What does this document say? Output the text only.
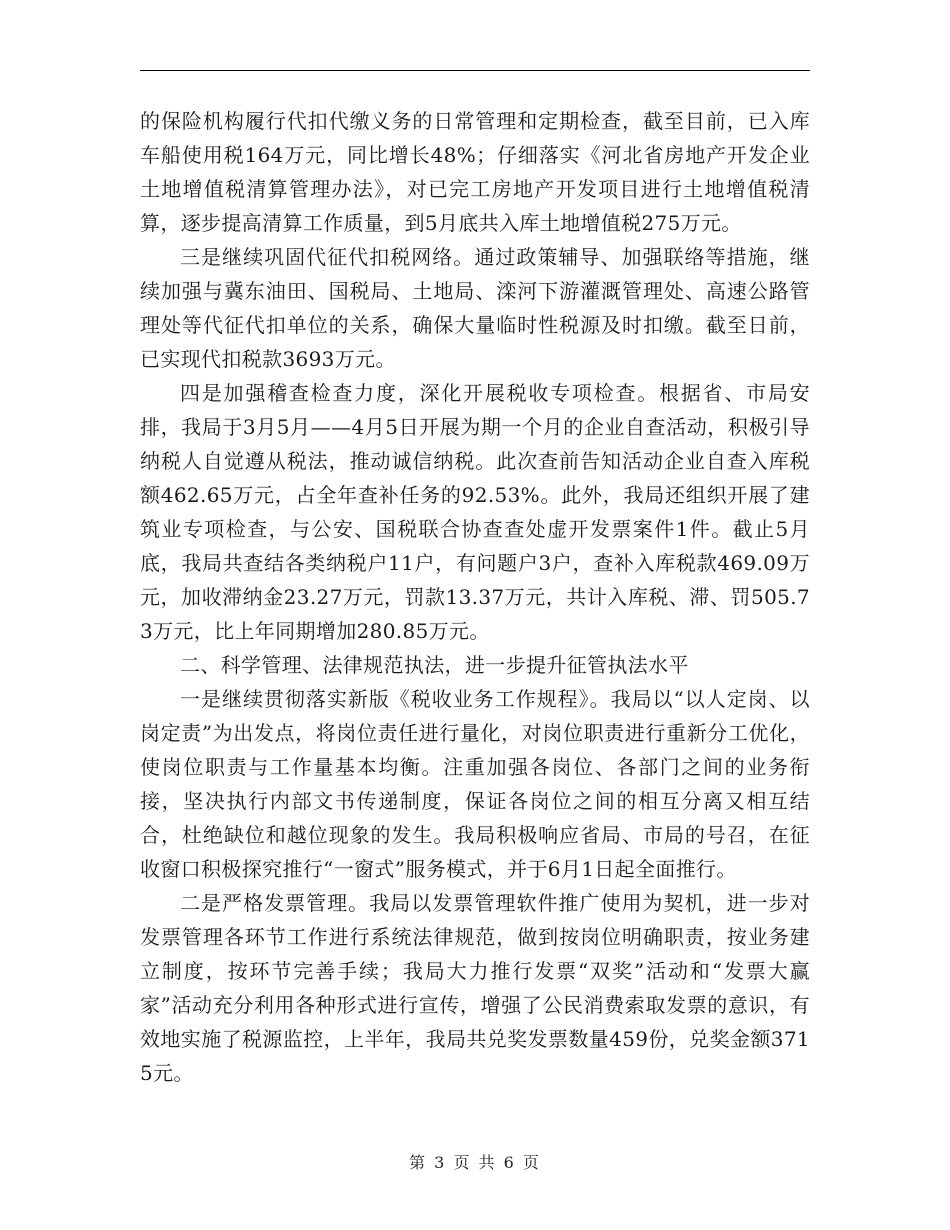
的保险机构履行代扣代缴义务的日常管理和定期检查，截至目前，已入库车船使用税164万元，同比增长48%；仔细落实《河北省房地产开发企业土地增值税清算管理办法》，对已完工房地产开发项目进行土地增值税清算，逐步提高清算工作质量，到5月底共入库土地增值税275万元。

三是继续巩固代征代扣税网络。通过政策辅导、加强联络等措施，继续加强与冀东油田、国税局、土地局、滦河下游灌溉管理处、高速公路管理处等代征代扣单位的关系，确保大量临时性税源及时扣缴。截至日前，已实现代扣税款3693万元。

四是加强稽查检查力度，深化开展税收专项检查。根据省、市局安排，我局于3月5月——4月5日开展为期一个月的企业自查活动，积极引导纳税人自觉遵从税法，推动诚信纳税。此次查前告知活动企业自查入库税额462.65万元，占全年查补任务的92.53%。此外，我局还组织开展了建筑业专项检查，与公安、国税联合协查查处虚开发票案件1件。截止5月底，我局共查结各类纳税户11户，有问题户3户，查补入库税款469.09万元，加收滞纳金23.27万元，罚款13.37万元，共计入库税、滞、罚505.73万元，比上年同期增加280.85万元。

二、科学管理、法律规范执法，进一步提升征管执法水平

一是继续贯彻落实新版《税收业务工作规程》。我局以“以人定岗、以岗定责”为出发点，将岗位责任进行量化，对岗位职责进行重新分工优化，使岗位职责与工作量基本均衡。注重加强各岗位、各部门之间的业务衔接，坚决执行内部文书传递制度，保证各岗位之间的相互分离又相互结合，杜绝缺位和越位现象的发生。我局积极响应省局、市局的号召，在征收窗口积极探究推行“一窗式”服务模式，并于6月1日起全面推行。

二是严格发票管理。我局以发票管理软件推广使用为契机，进一步对发票管理各环节工作进行系统法律规范，做到按岗位明确职责，按业务建立制度，按环节完善手续；我局大力推行发票“双奖”活动和“发票大赢家”活动充分利用各种形式进行宣传，增强了公民消费索取发票的意识，有效地实施了税源监控，上半年，我局共兑奖发票数量459份，兑奖金额3715元。

第 3 页 共 6 页
